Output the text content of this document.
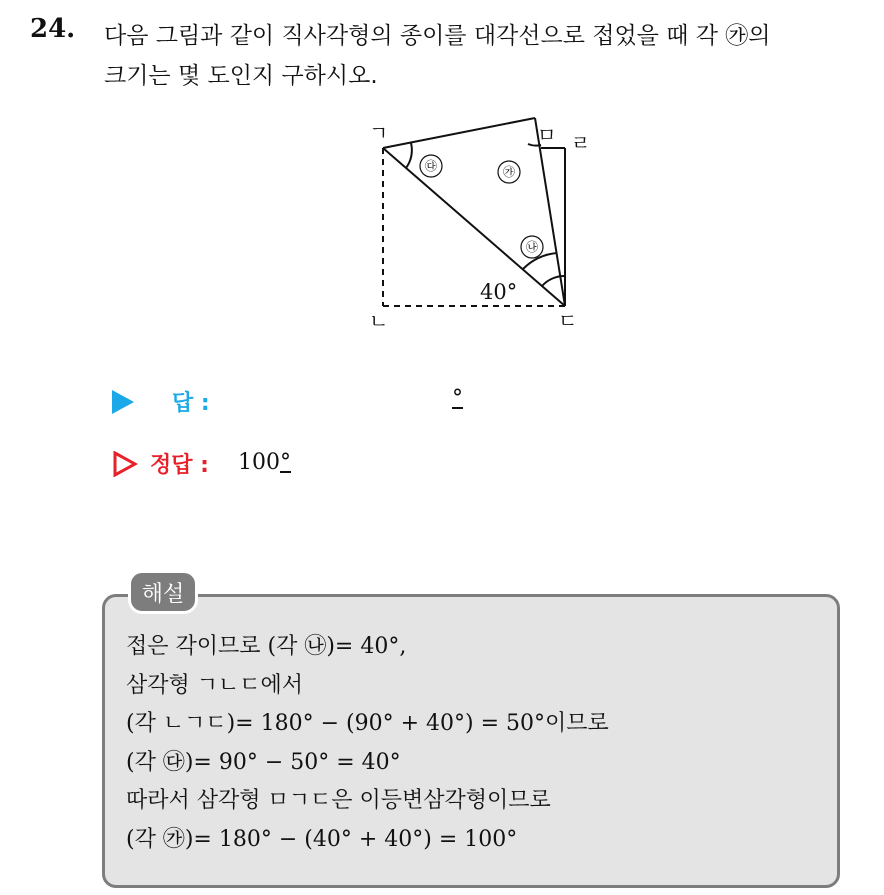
24. 다음 그림과 같이 직사각형의 종이를 대각선으로 접었을 때 각 ㉮의
크기는 몇 도인지 구하시오.
㉰	㉮
㉯
ㄱ	ㅁ ㄹ
ㄴ	ㄷ
40°
답 :	°
정답 : 100°
해설
접은 각이므로 (각 ㉯)= 40°,
삼각형 ㄱㄴㄷ에서
(각 ㄴㄱㄷ)= 180° − (90° + 40°) = 50°이므로
(각 ㉰)= 90° − 50° = 40°
따라서 삼각형 ㅁㄱㄷ은 이등변삼각형이므로
(각 ㉮)= 180° − (40° + 40°) = 100°
